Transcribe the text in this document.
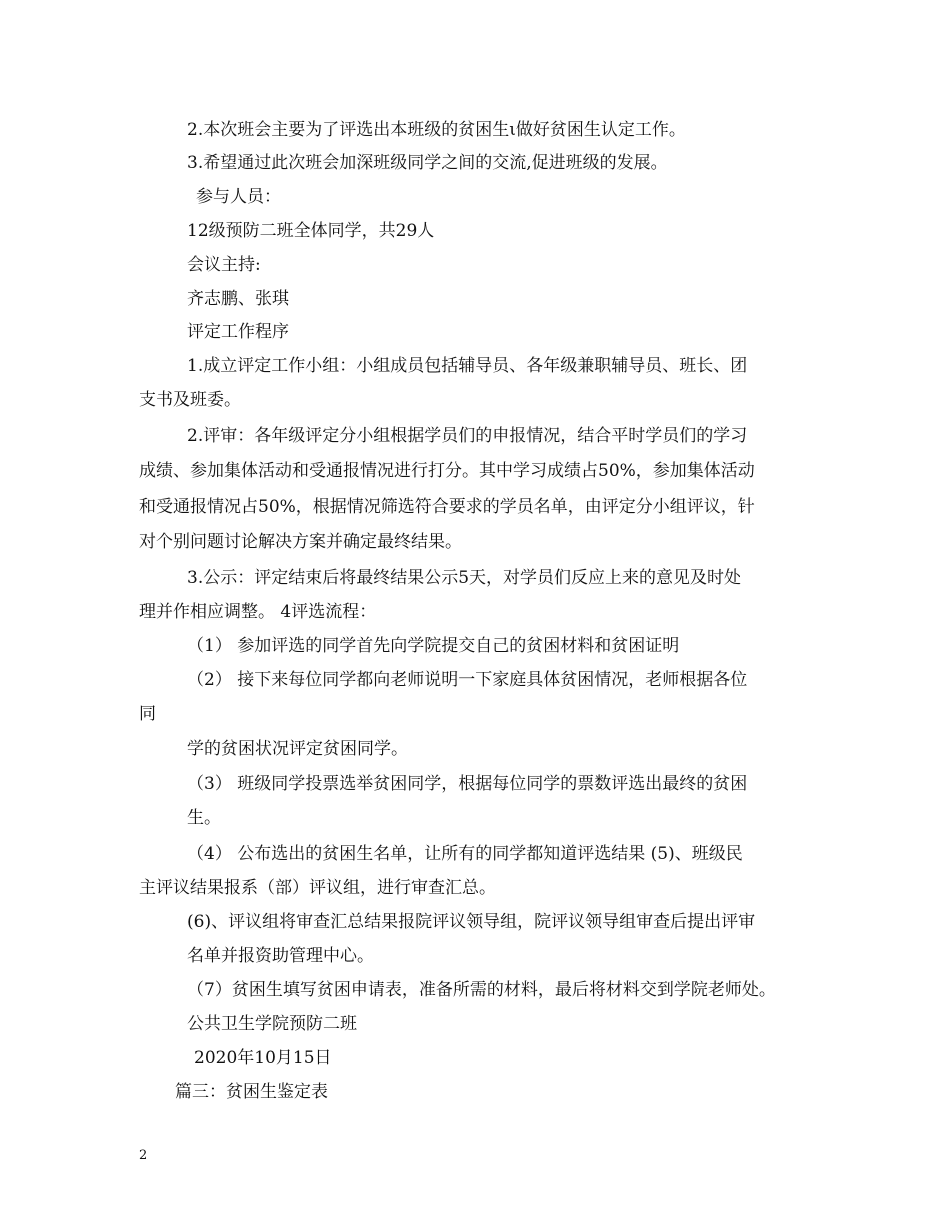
2.本次班会主要为了评选出本班级的贫困生ι做好贫困生认定工作。
3.希望通过此次班会加深班级同学之间的交流,促进班级的发展。
参与人员：
12级预防二班全体同学，共29人
会议主持:
齐志鹏、张琪
评定工作程序
1.成立评定工作小组：小组成员包括辅导员、各年级兼职辅导员、班长、团
支书及班委。
2.评审：各年级评定分小组根据学员们的申报情况，结合平时学员们的学习
成绩、参加集体活动和受通报情况进行打分。其中学习成绩占50%，参加集体活动
和受通报情况占50%，根据情况筛选符合要求的学员名单，由评定分小组评议，针
对个别问题讨论解决方案并确定最终结果。
3.公示：评定结束后将最终结果公示5天，对学员们反应上来的意见及时处
理并作相应调整。 4评选流程：
（1） 参加评选的同学首先向学院提交自己的贫困材料和贫困证明
（2） 接下来每位同学都向老师说明一下家庭具体贫困情况，老师根据各位
同
学的贫困状况评定贫困同学。
（3） 班级同学投票选举贫困同学，根据每位同学的票数评选出最终的贫困
生。
（4） 公布选出的贫困生名单，让所有的同学都知道评选结果 (5)、班级民
主评议结果报系（部）评议组，进行审查汇总。
(6)、评议组将审查汇总结果报院评议领导组，院评议领导组审查后提出评审
名单并报资助管理中心。
（7）贫困生填写贫困申请表，准备所需的材料，最后将材料交到学院老师处。
公共卫生学院预防二班
2020年10月15日
篇三：贫困生鉴定表
2
